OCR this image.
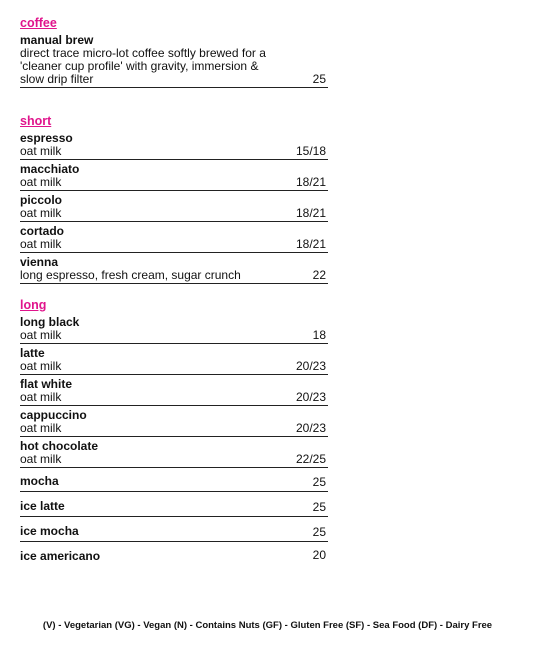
coffee
manual brew
direct trace micro-lot coffee softly brewed for a 'cleaner cup profile' with gravity, immersion & slow drip filter	25
short
espresso
oat milk	15/18
macchiato
oat milk	18/21
piccolo
oat milk	18/21
cortado
oat milk	18/21
vienna
long espresso, fresh cream, sugar crunch	22
long
long black
oat milk	18
latte
oat milk	20/23
flat white
oat milk	20/23
cappuccino
oat milk	20/23
hot chocolate
oat milk	22/25
mocha	25
ice latte	25
ice mocha	25
ice americano	20
(V) - Vegetarian (VG) - Vegan (N) - Contains Nuts (GF) - Gluten Free (SF) - Sea Food (DF) - Dairy Free
